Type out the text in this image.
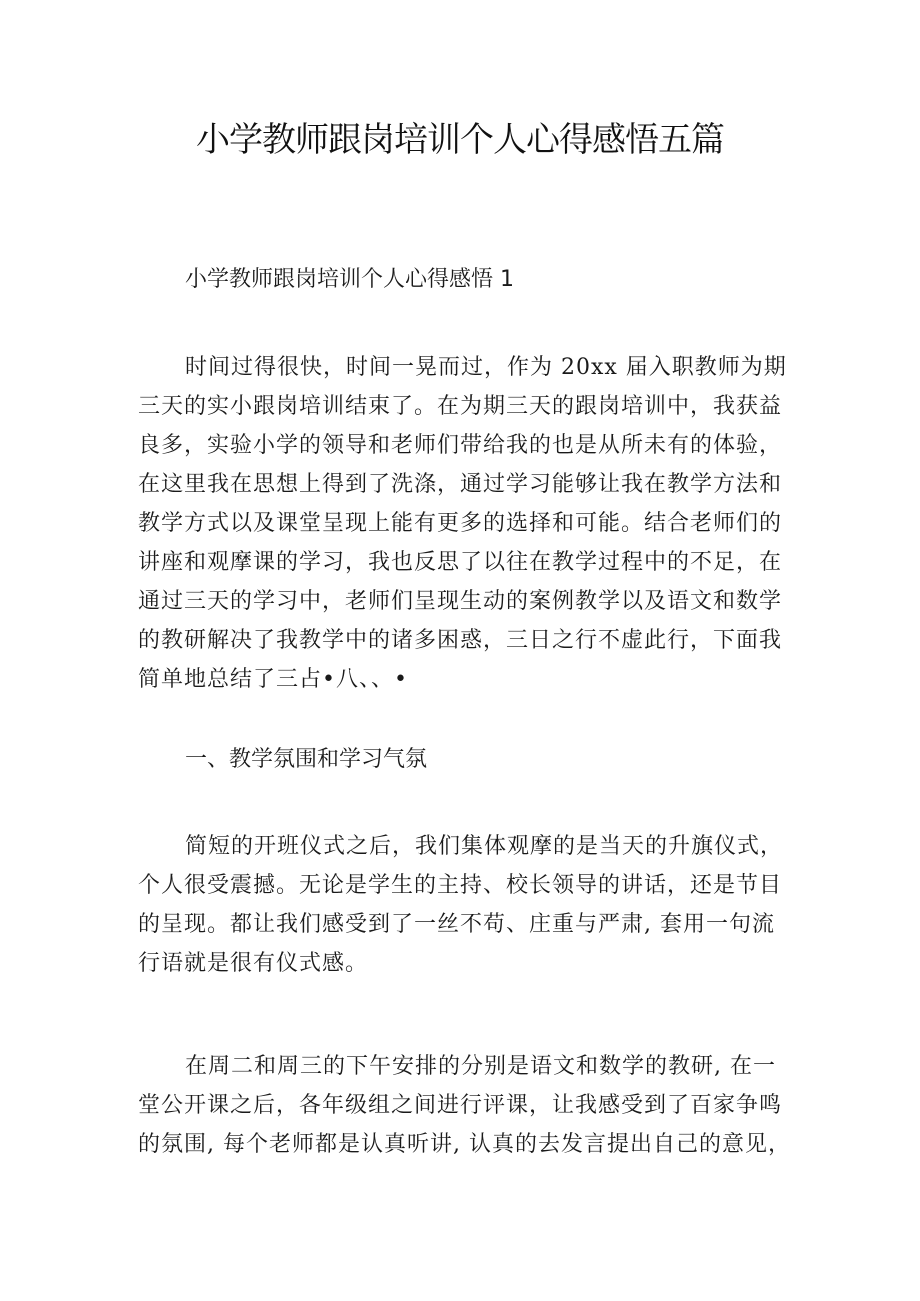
小学教师跟岗培训个人心得感悟五篇
小学教师跟岗培训个人心得感悟 1
时间过得很快，时间一晃而过，作为 20xx 届入职教师为期
三天的实小跟岗培训结束了。在为期三天的跟岗培训中，我获益
良多，实验小学的领导和老师们带给我的也是从所未有的体验，
在这里我在思想上得到了洗涤，通过学习能够让我在教学方法和
教学方式以及课堂呈现上能有更多的选择和可能。结合老师们的
讲座和观摩课的学习，我也反思了以往在教学过程中的不足，在
通过三天的学习中，老师们呈现生动的案例教学以及语文和数学
的教研解决了我教学中的诸多困惑，三日之行不虚此行，下面我
简单地总结了三占•八、、•
一、教学氛围和学习气氛
简短的开班仪式之后，我们集体观摩的是当天的升旗仪式，
个人很受震撼。无论是学生的主持、校长领导的讲话，还是节目
的呈现。都让我们感受到了一丝不苟、庄重与严肃, 套用一句流
行语就是很有仪式感。
在周二和周三的下午安排的分别是语文和数学的教研, 在一
堂公开课之后，各年级组之间进行评课，让我感受到了百家争鸣
的氛围, 每个老师都是认真听讲, 认真的去发言提出自己的意见，
